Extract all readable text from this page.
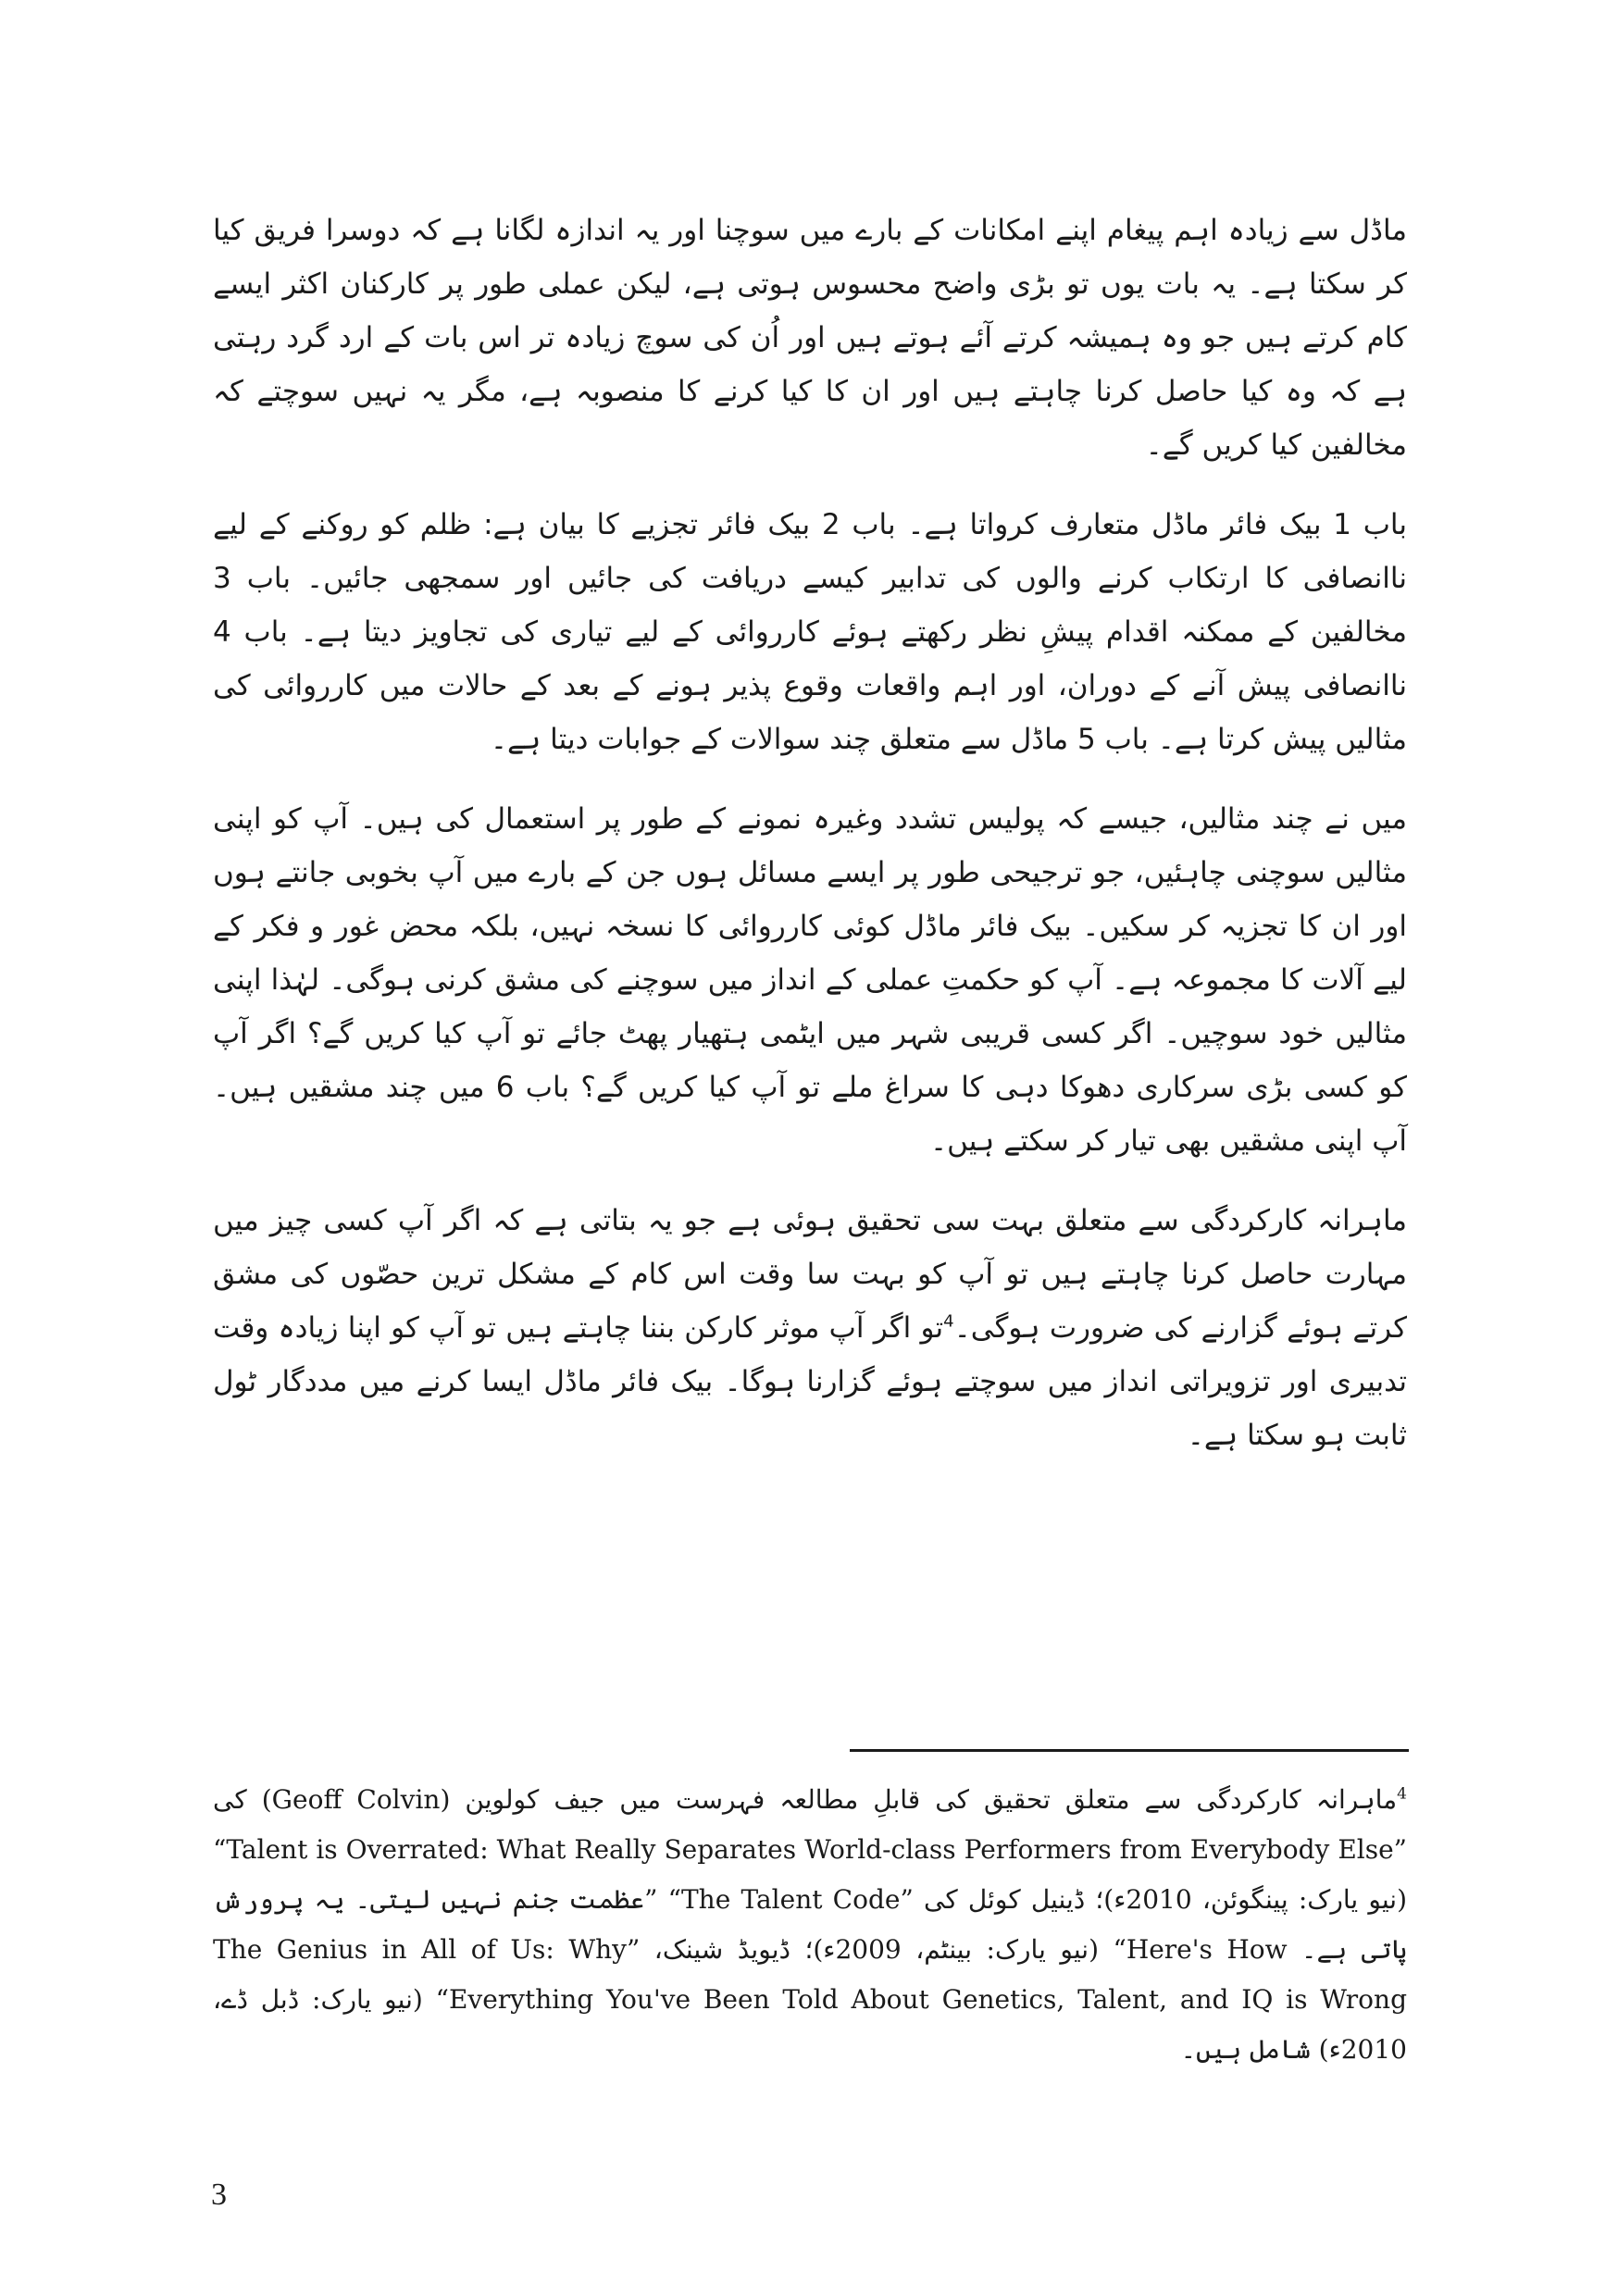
ماڈل سے زیادہ اہم پیغام اپنے امکانات کے بارے میں سوچنا اور یہ اندازہ لگانا ہے کہ دوسرا فریق کیا کر سکتا ہے۔ یہ بات یوں تو بڑی واضح محسوس ہوتی ہے، لیکن عملی طور پر کارکنان اکثر ایسے کام کرتے ہیں جو وہ ہمیشہ کرتے آئے ہوتے ہیں اور اُن کی سوچ زیادہ تر اس بات کے ارد گرد رہتی ہے کہ وہ کیا حاصل کرنا چاہتے ہیں اور ان کا کیا کرنے کا منصوبہ ہے، مگر یہ نہیں سوچتے کہ مخالفین کیا کریں گے۔

باب 1 بیک فائر ماڈل متعارف کرواتا ہے۔ باب 2 بیک فائر تجزیے کا بیان ہے: ظلم کو روکنے کے لیے ناانصافی کا ارتکاب کرنے والوں کی تدابیر کیسے دریافت کی جائیں اور سمجھی جائیں۔ باب 3 مخالفین کے ممکنہ اقدام پیشِ نظر رکھتے ہوئے کارروائی کے لیے تیاری کی تجاویز دیتا ہے۔ باب 4 ناانصافی پیش آنے کے دوران، اور اہم واقعات وقوع پذیر ہونے کے بعد کے حالات میں کارروائی کی مثالیں پیش کرتا ہے۔ باب 5 ماڈل سے متعلق چند سوالات کے جوابات دیتا ہے۔

میں نے چند مثالیں، جیسے کہ پولیس تشدد وغیرہ نمونے کے طور پر استعمال کی ہیں۔ آپ کو اپنی مثالیں سوچنی چاہئیں، جو ترجیحی طور پر ایسے مسائل ہوں جن کے بارے میں آپ بخوبی جانتے ہوں اور ان کا تجزیہ کر سکیں۔ بیک فائر ماڈل کوئی کارروائی کا نسخہ نہیں، بلکہ محض غور و فکر کے لیے آلات کا مجموعہ ہے۔ آپ کو حکمتِ عملی کے انداز میں سوچنے کی مشق کرنی ہوگی۔ لہٰذا اپنی مثالیں خود سوچیں۔ اگر کسی قریبی شہر میں ایٹمی ہتھیار پھٹ جائے تو آپ کیا کریں گے؟ اگر آپ کو کسی بڑی سرکاری دھوکا دہی کا سراغ ملے تو آپ کیا کریں گے؟ باب 6 میں چند مشقیں ہیں۔ آپ اپنی مشقیں بھی تیار کر سکتے ہیں۔

ماہرانہ کارکردگی سے متعلق بہت سی تحقیق ہوئی ہے جو یہ بتاتی ہے کہ اگر آپ کسی چیز میں مہارت حاصل کرنا چاہتے ہیں تو آپ کو بہت سا وقت اس کام کے مشکل ترین حصّوں کی مشق کرتے ہوئے گزارنے کی ضرورت ہوگی۔$^4$تو اگر آپ موثر کارکن بننا چاہتے ہیں تو آپ کو اپنا زیادہ وقت تدبیری اور تزویراتی انداز میں سوچتے ہوئے گزارنا ہوگا۔ بیک فائر ماڈل ایسا کرنے میں مددگار ٹول ثابت ہو سکتا ہے۔

$^4$ماہرانہ کارکردگی سے متعلق تحقیق کی قابلِ مطالعہ فہرست میں جیف کولوین (Geoff Colvin) کی ”Talent is Overrated: What Really Separates World-class Performers from Everybody Else“ (نیو یارک: پینگوئن، 2010ء)؛ ڈینیل کوئل کی ”The Talent Code“ ”عظمت جنم نہیں لیتی۔ یہ پرورش پاتی ہے۔ Here's How“ (نیو یارک: بینٹم، 2009ء)؛ ڈیویڈ شینک، ”The Genius in All of Us: Why Everything You've Been Told About Genetics, Talent, and IQ is Wrong“ (نیو یارک: ڈبل ڈے، 2010ء) شامل ہیں۔

3
